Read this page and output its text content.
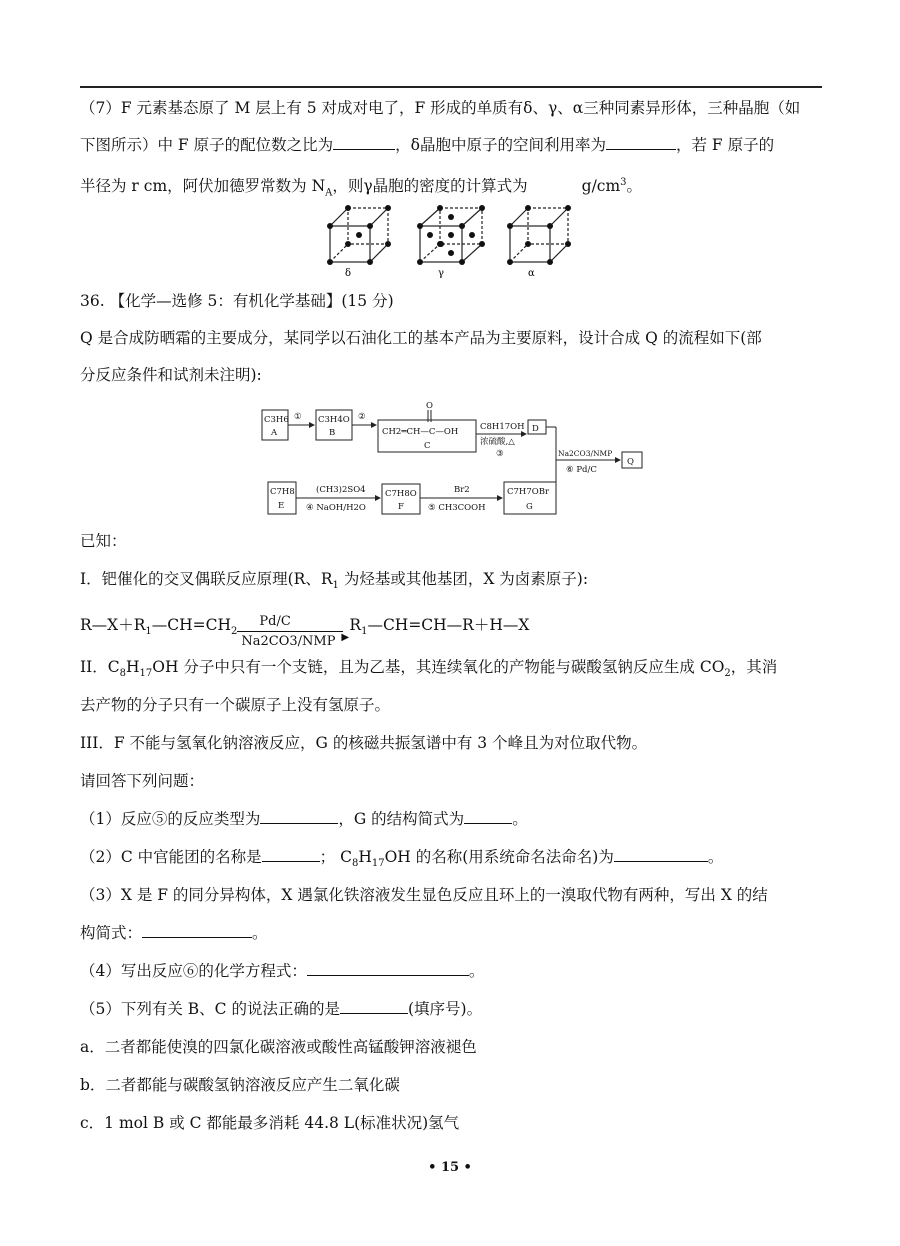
（7）F 元素基态原了 M 层上有 5 对成对电了，F 形成的单质有δ、γ、α三种同素异形体，三种晶胞（如
下图所示）中 F 原子的配位数之比为	，δ晶胞中原子的空间利用率为	，若 F 原子的
半径为 r cm，阿伏加德罗常数为 $N_A$，则γ晶胞的密度的计算式为	$g/cm^3$。
δ	γ	α
36. 【化学—选修 5：有机化学基础】(15 分)
Q 是合成防晒霜的主要成分，某同学以石油化工的基本产品为主要原料，设计合成 Q 的流程如下(部
分反应条件和试剂未注明):
C3H6
A
C3H4O
B
O
CH2═CH—C—OH
C
①	②
C8H17OH
浓硫酸,△
③
D
Na2CO3/NMP
⑥ Pd/C
Q
C7H8
E
(CH3)2SO4
④ NaOH/H2O
C7H8O
F
Br2
⑤ CH3COOH
C7H7OBr
G
已知：
I．钯催化的交叉偶联反应原理(R、$R_1$ 为烃基或其他基团，X 为卤素原子):
$R—X+R_1—CH=CH_2$
Pd/C
▶
Na2CO3/NMP
$R_1—CH=CH—R+H—X$
II．$C_8H_{17}OH$ 分子中只有一个支链，且为乙基，其连续氧化的产物能与碳酸氢钠反应生成 $CO_2$，其消
去产物的分子只有一个碳原子上没有氢原子。
III．F 不能与氢氧化钠溶液反应，G 的核磁共振氢谱中有 3 个峰且为对位取代物。
请回答下列问题：
（1）反应⑤的反应类型为	，G 的结构简式为	。
（2）C 中官能团的名称是	； $C_8H_{17}OH$ 的名称(用系统命名法命名)为	。
（3）X 是 F 的同分异构体，X 遇氯化铁溶液发生显色反应且环上的一溴取代物有两种，写出 X 的结
构简式：	。
（4）写出反应⑥的化学方程式：	。
（5）下列有关 B、C 的说法正确的是	(填序号)。
a．二者都能使溴的四氯化碳溶液或酸性高锰酸钾溶液褪色
b．二者都能与碳酸氢钠溶液反应产生二氧化碳
c．1 mol B 或 C 都能最多消耗 44.8 L(标准状况)氢气
• 15 •
